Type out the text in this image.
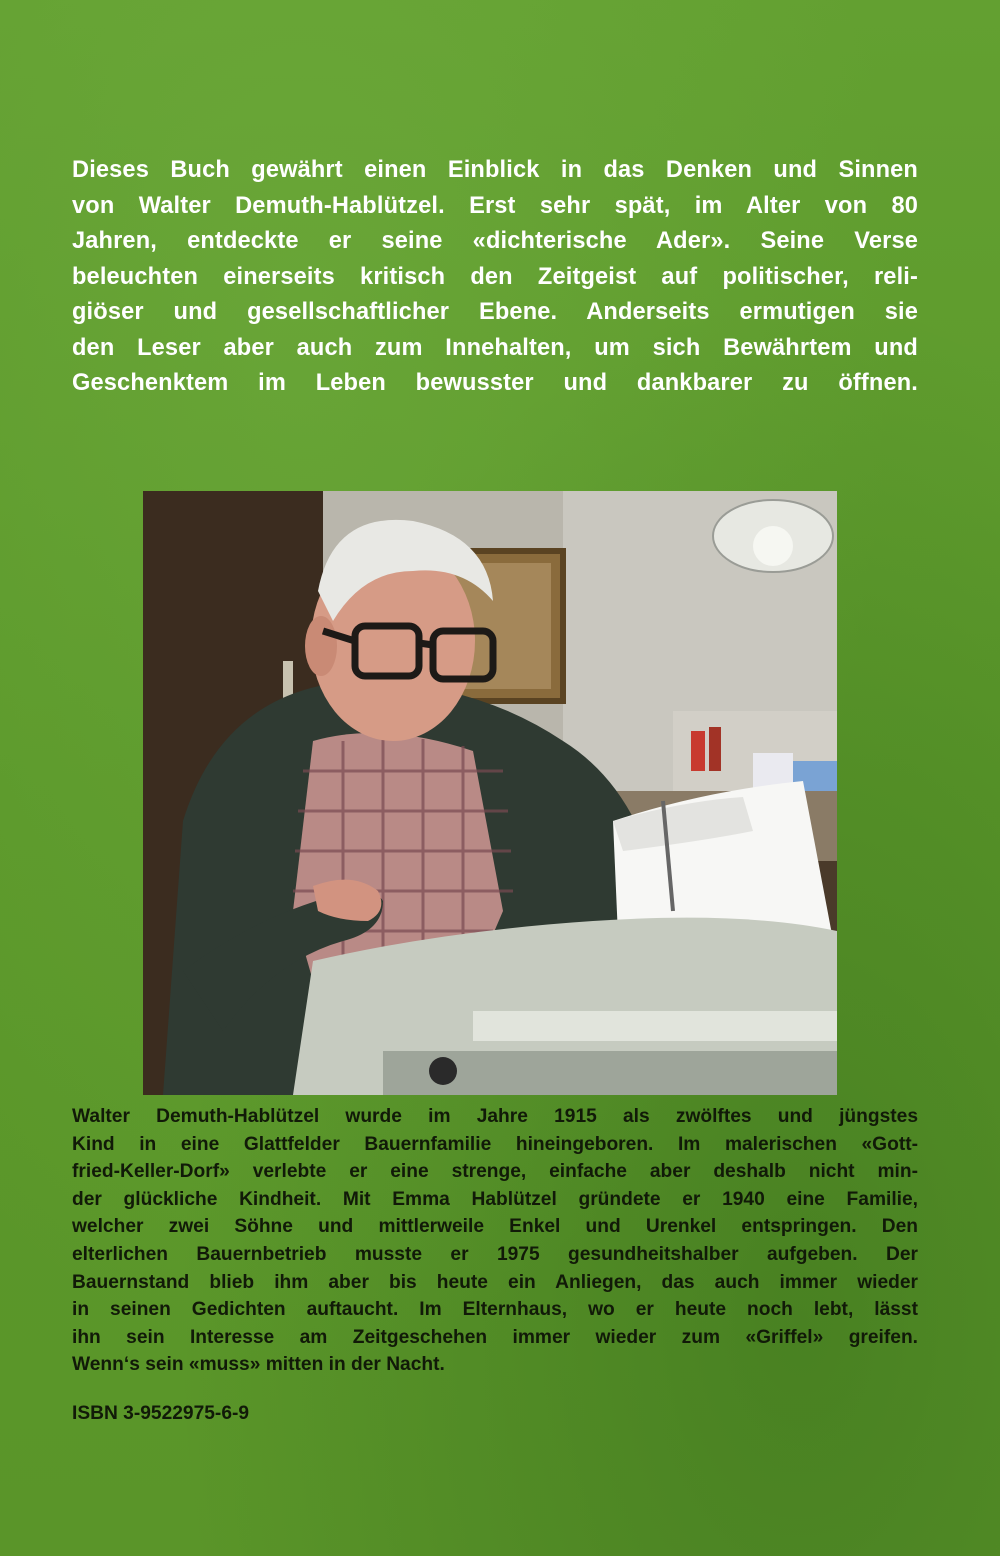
Dieses Buch gewährt einen Einblick in das Denken und Sinnen
von Walter Demuth-Hablützel. Erst sehr spät, im Alter von 80
Jahren, entdeckte er seine «dichterische Ader». Seine Verse
beleuchten einerseits kritisch den Zeitgeist auf politischer, reli-
giöser und gesellschaftlicher Ebene. Anderseits ermutigen sie
den Leser aber auch zum Innehalten, um sich Bewährtem und
Geschenktem im Leben bewusster und dankbarer zu öffnen.
Walter Demuth-Hablützel wurde im Jahre 1915 als zwölftes und jüngstes
Kind in eine Glattfelder Bauernfamilie hineingeboren. Im malerischen «Gott-
fried-Keller-Dorf» verlebte er eine strenge, einfache aber deshalb nicht min-
der glückliche Kindheit. Mit Emma Hablützel gründete er 1940 eine Familie,
welcher zwei Söhne und mittlerweile Enkel und Urenkel entspringen. Den
elterlichen Bauernbetrieb musste er 1975 gesundheitshalber aufgeben. Der
Bauernstand blieb ihm aber bis heute ein Anliegen, das auch immer wieder
in seinen Gedichten auftaucht. Im Elternhaus, wo er heute noch lebt, lässt
ihn sein Interesse am Zeitgeschehen immer wieder zum «Griffel» greifen.
Wenn‘s sein «muss» mitten in der Nacht.

ISBN 3-9522975-6-9
